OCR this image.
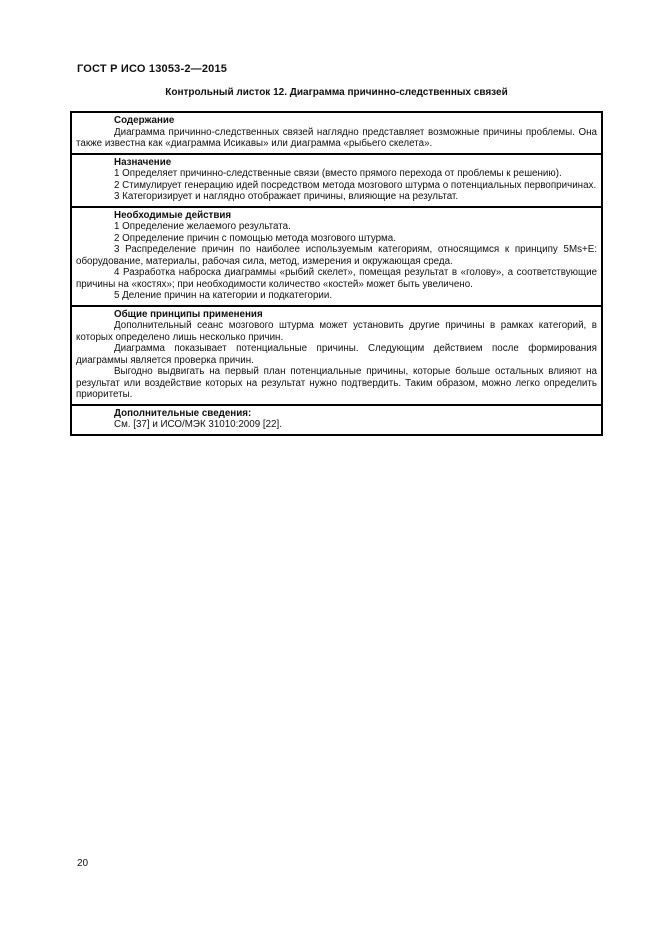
ГОСТ Р ИСО 13053-2—2015
Контрольный листок 12. Диаграмма причинно-следственных связей
Содержание

Диаграмма причинно-следственных связей наглядно представляет возможные причины проблемы. Она также известна как «диаграмма Исикавы» или диаграмма «рыбьего скелета».

Назначение

1 Определяет причинно-следственные связи (вместо прямого перехода от проблемы к решению).

2 Стимулирует генерацию идей посредством метода мозгового штурма о потенциальных первопричинах.

3 Категоризирует и наглядно отображает причины, влияющие на результат.

Необходимые действия

1 Определение желаемого результата.

2 Определение причин с помощью метода мозгового штурма.

3 Распределение причин по наиболее используемым категориям, относящимся к принципу 5Ms+E: оборудование, материалы, рабочая сила, метод, измерения и окружающая среда.

4 Разработка наброска диаграммы «рыбий скелет», помещая результат в «голову», а соответствующие причины на «костях»; при необходимости количество «костей» может быть увеличено.

5 Деление причин на категории и подкатегории.

Общие принципы применения

Дополнительный сеанс мозгового штурма может установить другие причины в рамках категорий, в которых определено лишь несколько причин.

Диаграмма показывает потенциальные причины. Следующим действием после формирования диаграммы является проверка причин.

Выгодно выдвигать на первый план потенциальные причины, которые больше остальных влияют на результат или воздействие которых на результат нужно подтвердить. Таким образом, можно легко определить приоритеты.

Дополнительные сведения:

См. [37] и ИСО/МЭК 31010:2009 [22].

20
